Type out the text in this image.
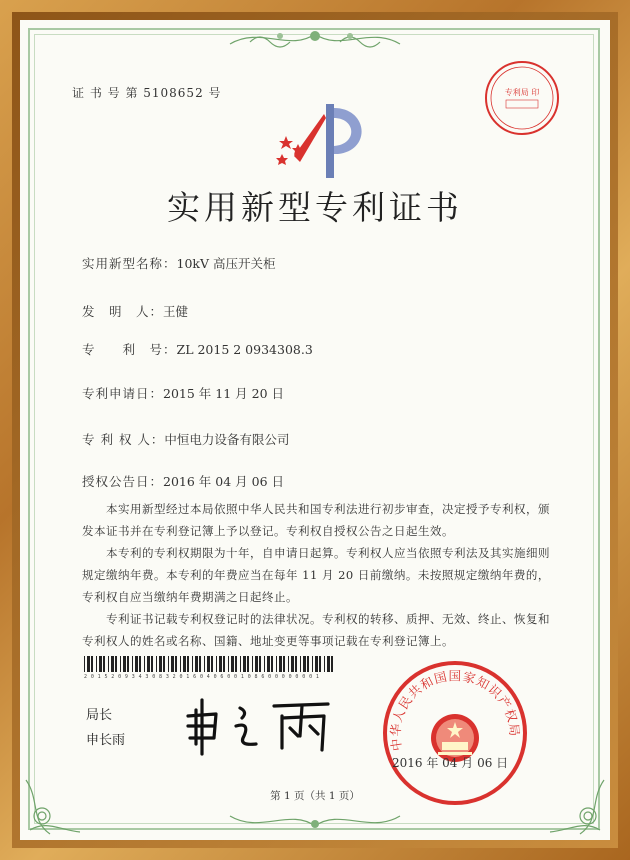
证 书 号 第 5108652 号	专利局 印
实用新型专利证书
实用新型名称：10kV 高压开关柜
发　明　人：王健
专　　利　号：ZL 2015 2 0934308.3
专利申请日：2015 年 11 月 20 日
专 利 权 人：中恒电力设备有限公司
授权公告日：2016 年 04 月 06 日
本实用新型经过本局依照中华人民共和国专利法进行初步审查，决定授予专利权，颁发本证书并在专利登记簿上予以登记。专利权自授权公告之日起生效。
本专利的专利权期限为十年，自申请日起算。专利权人应当依照专利法及其实施细则规定缴纳年费。本专利的年费应当在每年 11 月 20 日前缴纳。未按照规定缴纳年费的，专利权自应当缴纳年费期满之日起终止。
专利证书记载专利权登记时的法律状况。专利权的转移、质押、无效、终止、恢复和专利权人的姓名或名称、国籍、地址变更等事项记载在专利登记簿上。
2 0 1 5 2 0 9 3 4 3 0 8 3 2 0 1 6 0 4 0 6 0 0 1 0 8 6 0 0 0 0 0 0 0 1
局长
申长雨	中华人民共和国国家知识产权局
2016 年 04 月 06 日
第 1 页（共 1 页）
